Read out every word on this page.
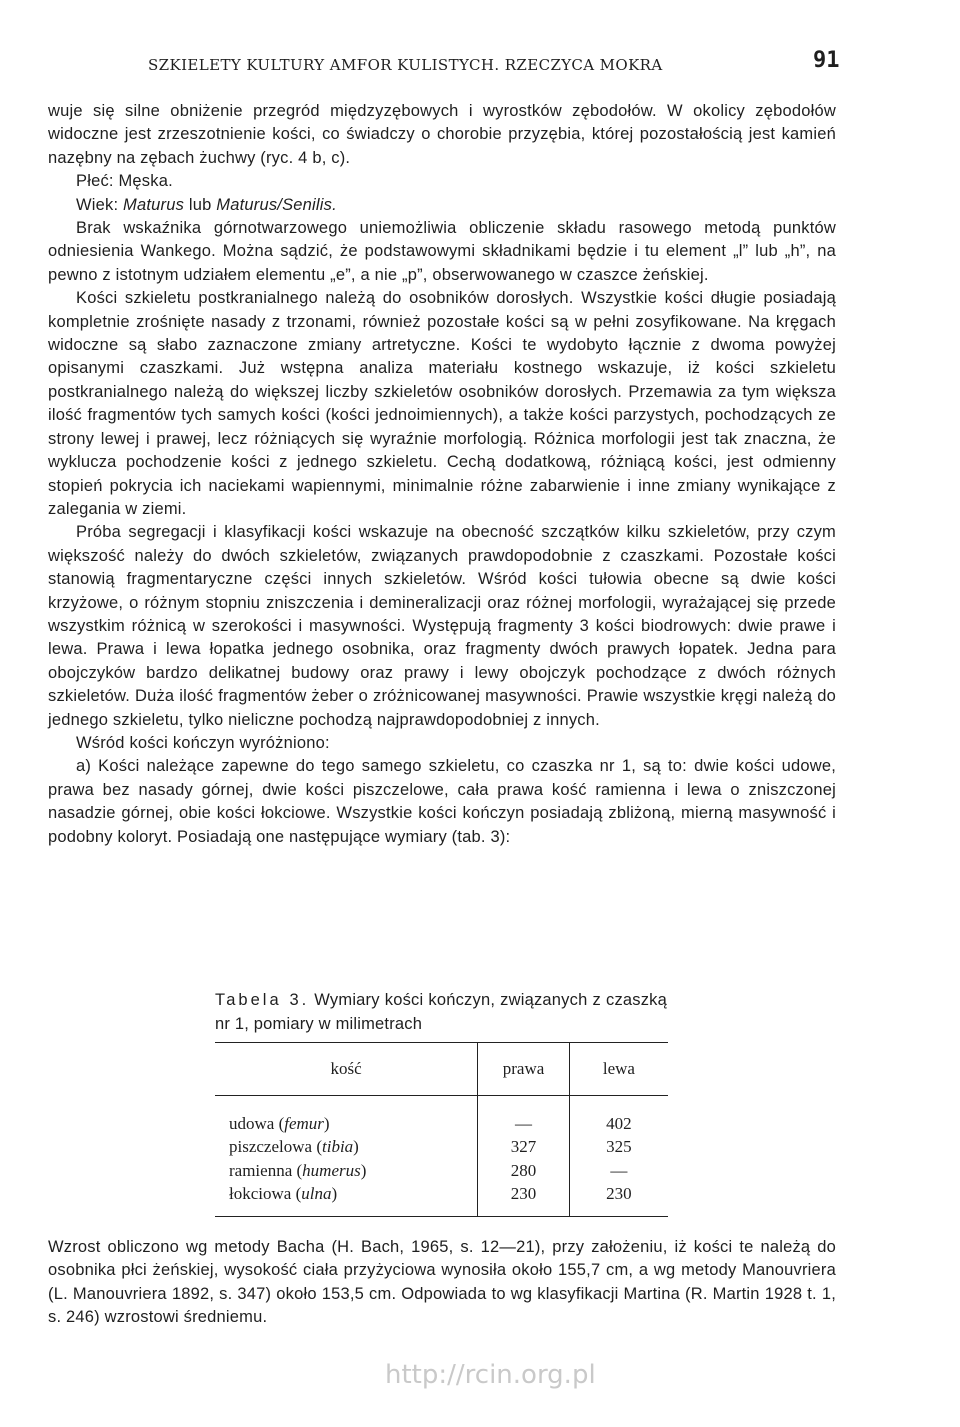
SZKIELETY KULTURY AMFOR KULISTYCH. RZECZYCA MOKRA	91

wuje się silne obniżenie przegród międzyzębowych i wyrostków zębodołów. W okolicy zębodołów widoczne jest zrzeszotnienie kości, co świadczy o chorobie przyzębia, której pozostałością jest kamień nazębny na zębach żuchwy (ryc. 4 b, c).

Płeć: Męska.

Wiek: Maturus lub Maturus/Senilis.

Brak wskaźnika górnotwarzowego uniemożliwia obliczenie składu rasowego metodą punktów odniesienia Wankego. Można sądzić, że podstawowymi składnikami będzie i tu element „l” lub „h”, na pewno z istotnym udziałem elementu „e”, a nie „p”, obserwowanego w czaszce żeńskiej.

Kości szkieletu postkranialnego należą do osobników dorosłych. Wszystkie kości długie posiadają kompletnie zrośnięte nasady z trzonami, również pozostałe kości są w pełni zosyfikowane. Na kręgach widoczne są słabo zaznaczone zmiany artretyczne. Kości te wydobyto łącznie z dwoma powyżej opisanymi czaszkami. Już wstępna analiza materiału kostnego wskazuje, iż kości szkieletu postkranialnego należą do większej liczby szkieletów osobników dorosłych. Przemawia za tym większa ilość fragmentów tych samych kości (kości jednoimiennych), a także kości parzystych, pochodzących ze strony lewej i prawej, lecz różniących się wyraźnie morfologią. Różnica morfologii jest tak znaczna, że wyklucza pochodzenie kości z jednego szkieletu. Cechą dodatkową, różniącą kości, jest odmienny stopień pokrycia ich naciekami wapiennymi, minimalnie różne zabarwienie i inne zmiany wynikające z zalegania w ziemi.

Próba segregacji i klasyfikacji kości wskazuje na obecność szczątków kilku szkieletów, przy czym większość należy do dwóch szkieletów, związanych prawdopodobnie z czaszkami. Pozostałe kości stanowią fragmentaryczne części innych szkieletów. Wśród kości tułowia obecne są dwie kości krzyżowe, o różnym stopniu zniszczenia i demineralizacji oraz różnej morfologii, wyrażającej się przede wszystkim różnicą w szerokości i masywności. Występują fragmenty 3 kości biodrowych: dwie prawe i lewa. Prawa i lewa łopatka jednego osobnika, oraz fragmenty dwóch prawych łopatek. Jedna para obojczyków bardzo delikatnej budowy oraz prawy i lewy obojczyk pochodzące z dwóch różnych szkieletów. Duża ilość fragmentów żeber o zróżnicowanej masywności. Prawie wszystkie kręgi należą do jednego szkieletu, tylko nieliczne pochodzą najprawdopodobniej z innych.

Wśród kości kończyn wyróżniono:

a) Kości należące zapewne do tego samego szkieletu, co czaszka nr 1, są to: dwie kości udowe, prawa bez nasady górnej, dwie kości piszczelowe, cała prawa kość ramienna i lewa o zniszczonej nasadzie górnej, obie kości łokciowe. Wszystkie kości kończyn posiadają zbliżoną, mierną masywność i podobny koloryt. Posiadają one następujące wymiary (tab. 3):

Tabela 3. Wymiary kości kończyn, związanych z czaszką nr 1, pomiary w milimetrach
kość	prawa	lewa
udowa (femur)	—	402
piszczelowa (tibia)	327	325
ramienna (humerus)	280	—
łokciowa (ulna)	230	230

Wzrost obliczono wg metody Bacha (H. Bach, 1965, s. 12—21), przy założeniu, iż kości te należą do osobnika płci żeńskiej, wysokość ciała przyżyciowa wynosiła około 155,7 cm, a wg metody Manouvriera (L. Manouvriera 1892, s. 347) około 153,5 cm. Odpowiada to wg klasyfikacji Martina (R. Martin 1928 t. 1, s. 246) wzrostowi średniemu.

http://rcin.org.pl
